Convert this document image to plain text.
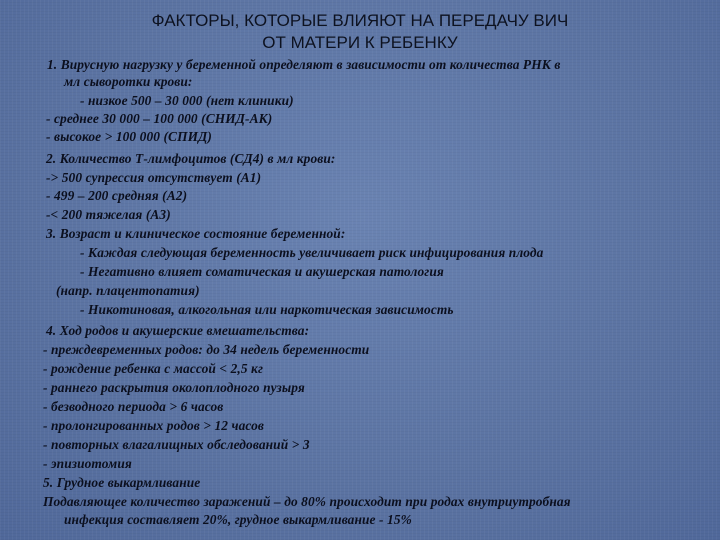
ФАКТОРЫ, КОТОРЫЕ ВЛИЯЮТ НА ПЕРЕДАЧУ ВИЧ
ОТ МАТЕРИ К РЕБЕНКУ
1. Вирусную нагрузку у беременной определяют в зависимости от количества РНК в
мл сыворотки крови:
- низкое 500 – 30 000 (нет клиники)
- среднее 30 000 – 100 000 (СНИД-АК)
- высокое > 100 000 (СПИД)
2. Количество Т-лимфоцитов (СД4) в мл крови:
-> 500 супрессия отсутствует (А1)
- 499 – 200 средняя (А2)
-< 200 тяжелая (А3)
3. Возраст и клиническое состояние беременной:
- Каждая следующая беременность увеличивает риск инфицирования плода
- Негативно влияет соматическая и акушерская патология
(напр. плацентопатия)
- Никотиновая, алкогольная или наркотическая зависимость
4. Ход родов и акушерские вмешательства:
- преждевременных родов: до 34 недель беременности
- рождение ребенка с массой < 2,5 кг
- раннего раскрытия околоплодного пузыря
- безводного периода > 6 часов
- пролонгированных родов > 12 часов
- повторных влагалищных обследований > 3
- эпизиотомия
5. Грудное выкармливание
Подавляющее количество заражений – до 80% происходит при родах внутриутробная
инфекция составляет 20%, грудное выкармливание - 15%
